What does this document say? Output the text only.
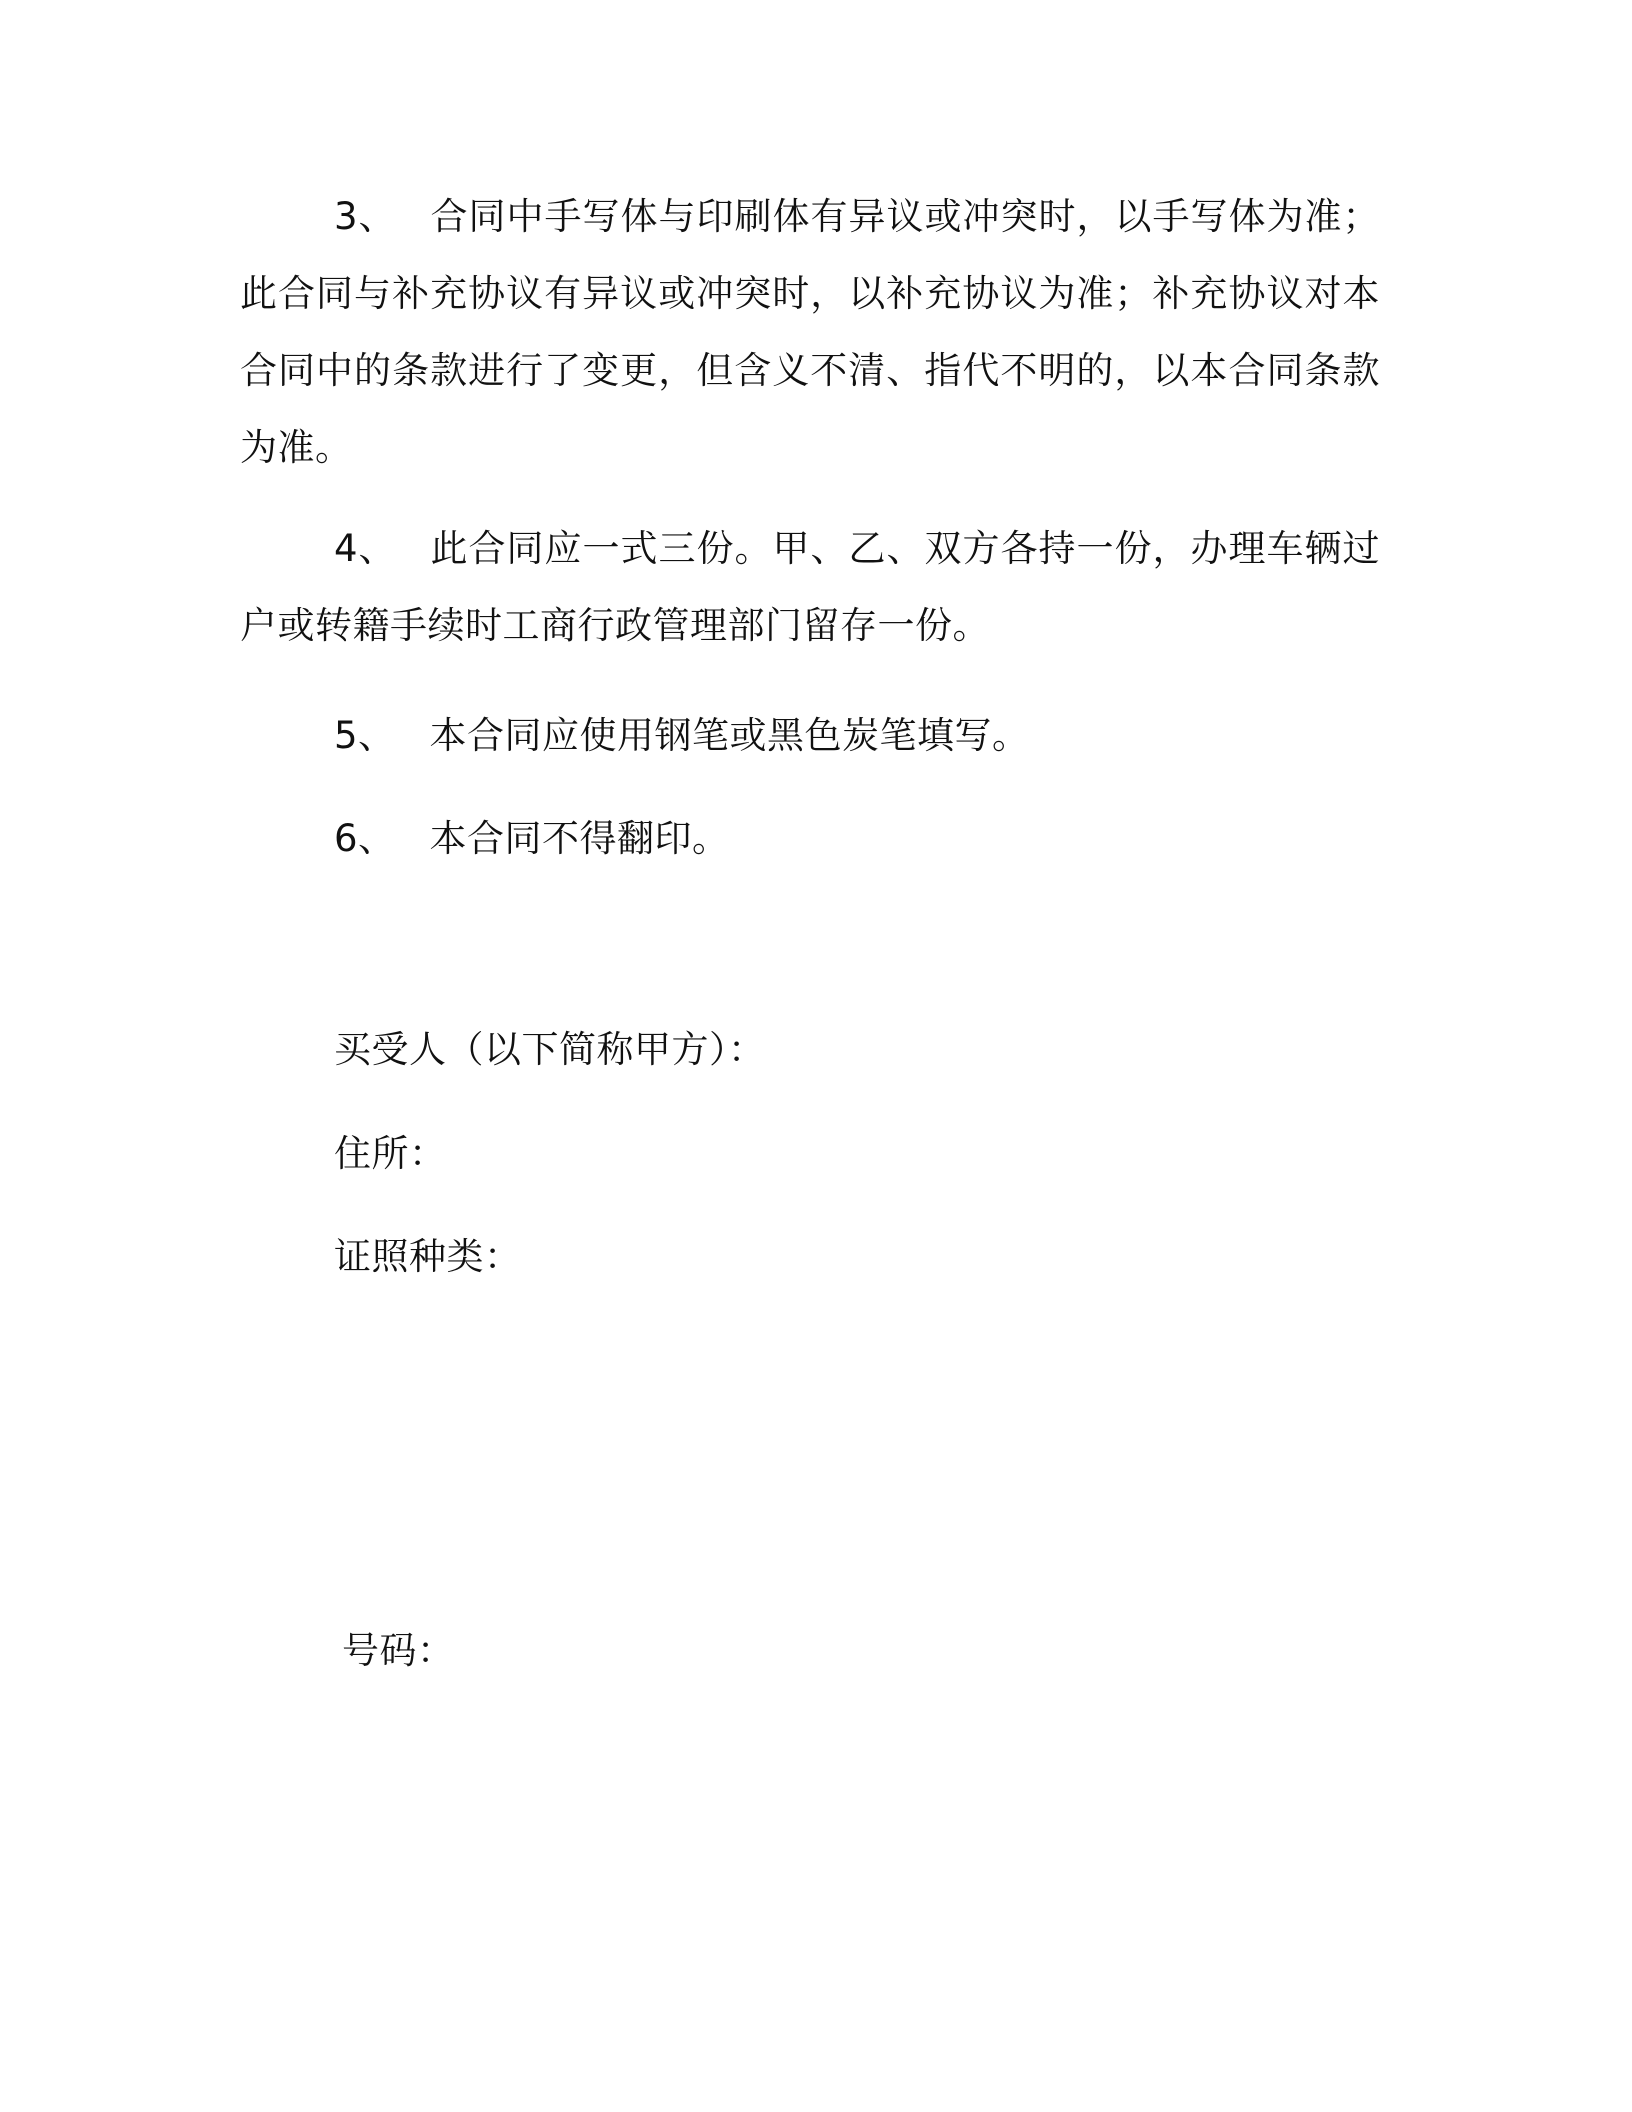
3、 合同中手写体与印刷体有异议或冲突时，以手写体为准；此合同与补充协议有异议或冲突时，以补充协议为准；补充协议对本合同中的条款进行了变更，但含义不清、指代不明的，以本合同条款为准。
4、 此合同应一式三份。甲、乙、双方各持一份，办理车辆过户或转籍手续时工商行政管理部门留存一份。
5、 本合同应使用钢笔或黑色炭笔填写。
6、 本合同不得翻印。
买受人（以下简称甲方）：
住所：
证照种类：
号码：
